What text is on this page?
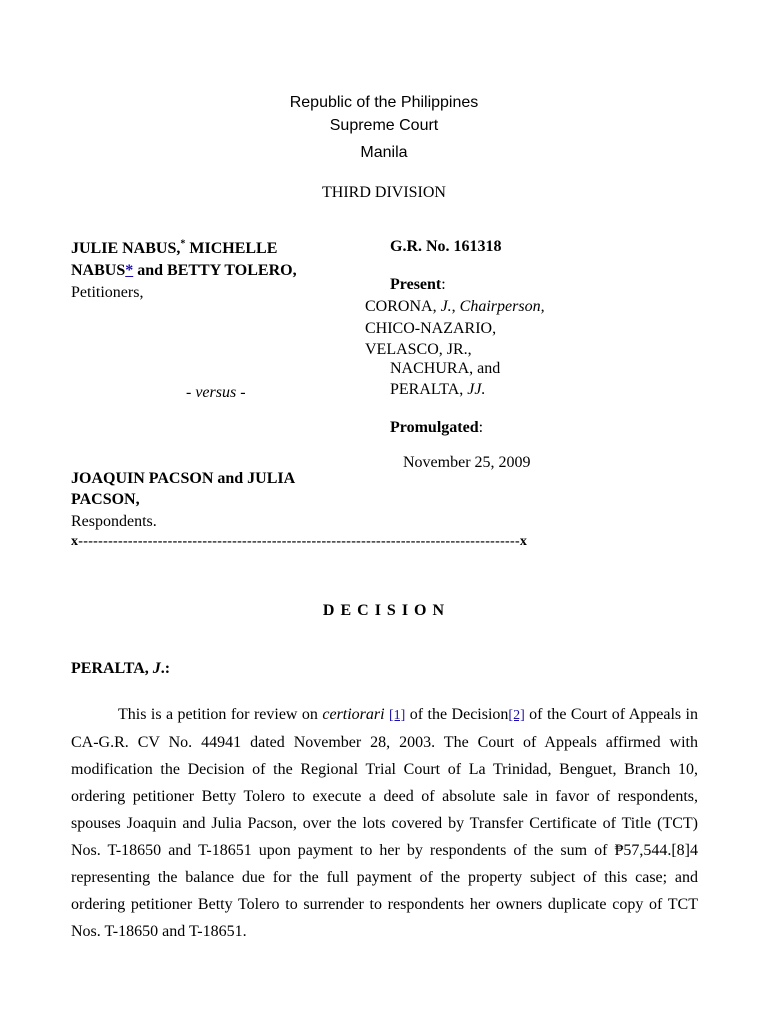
Republic of the Philippines
Supreme Court
Manila
THIRD DIVISION
JULIE NABUS,* MICHELLE
NABUS* and BETTY TOLERO,
Petitioners,
- versus -
JOAQUIN PACSON and JULIA
PACSON,
Respondents.
G.R. No. 161318
Present:
CORONA, J., Chairperson,
CHICO-NAZARIO,
VELASCO, JR.,
NACHURA, and
PERALTA, JJ.
Promulgated:
November 25, 2009
x-----------------------------------------------------------------------------------------x
D E C I S I O N
PERALTA, J.:
This is a petition for review on certiorari [1] of the Decision[2] of the Court of Appeals in CA-G.R. CV No. 44941 dated November 28, 2003. The Court of Appeals affirmed with modification the Decision of the Regional Trial Court of La Trinidad, Benguet, Branch 10, ordering petitioner Betty Tolero to execute a deed of absolute sale in favor of respondents, spouses Joaquin and Julia Pacson, over the lots covered by Transfer Certificate of Title (TCT) Nos. T-18650 and T-18651 upon payment to her by respondents of the sum of ₱57,544.[8]4 representing the balance due for the full payment of the property subject of this case; and ordering petitioner Betty Tolero to surrender to respondents her owners duplicate copy of TCT Nos. T-18650 and T-18651.
